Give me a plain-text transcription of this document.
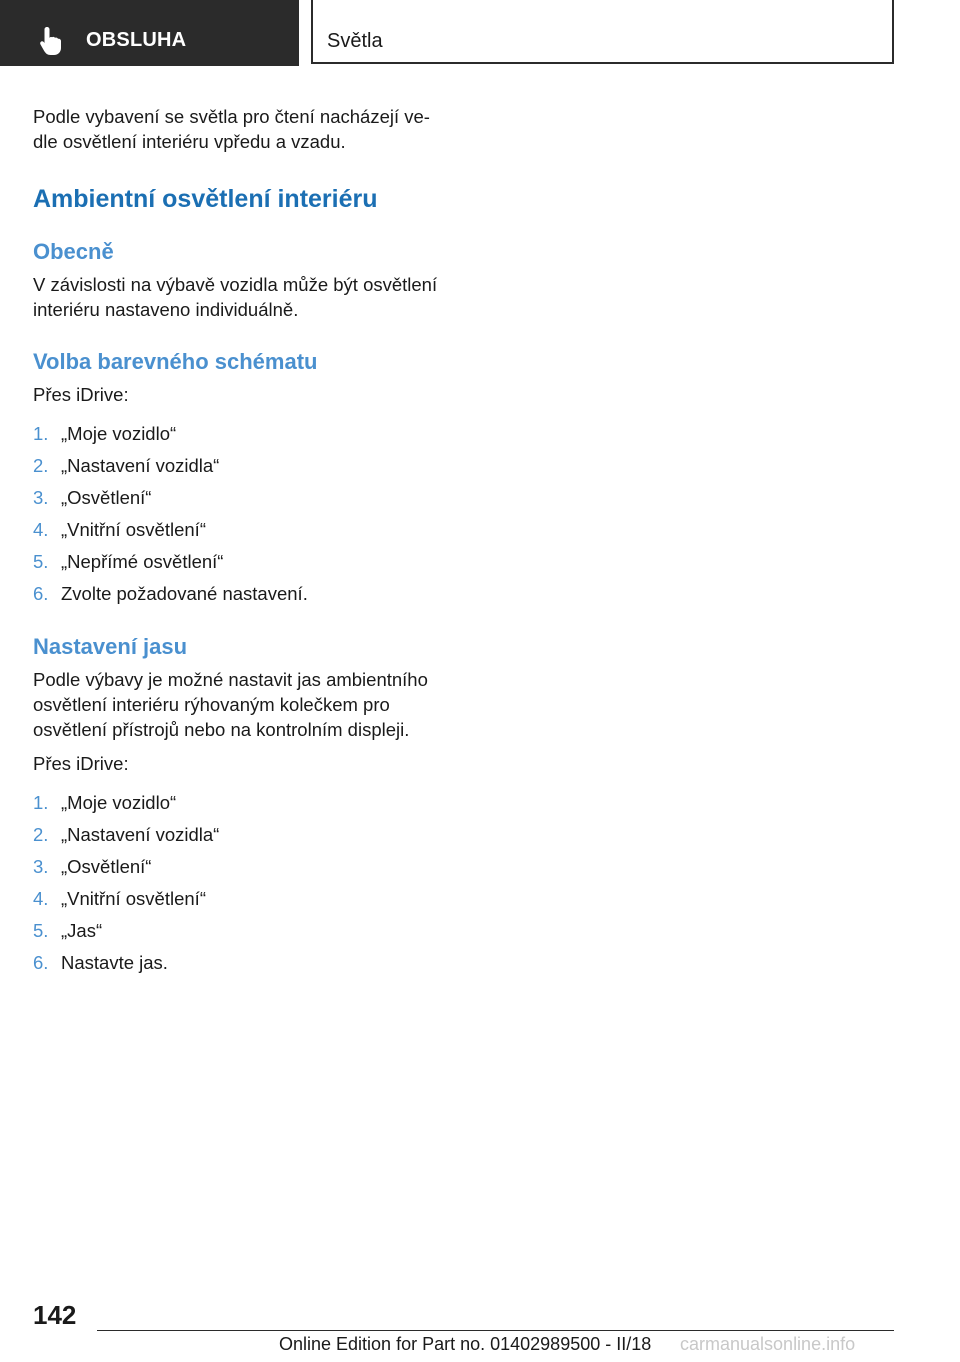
OBSLUHA	Světla

Podle vybavení se světla pro čtení nacházejí ve-

dle osvětlení interiéru vpředu a vzadu.

Ambientní osvětlení interiéru
Obecně

V závislosti na výbavě vozidla může být osvětlení

interiéru nastaveno individuálně.

Volba barevného schématu

Přes iDrive:

1. „Moje vozidlo“
2. „Nastavení vozidla“
3. „Osvětlení“
4. „Vnitřní osvětlení“
5. „Nepřímé osvětlení“
6. Zvolte požadované nastavení.
Nastavení jasu

Podle výbavy je možné nastavit jas ambientního

osvětlení interiéru rýhovaným kolečkem pro

osvětlení přístrojů nebo na kontrolním displeji.

Přes iDrive:

1. „Moje vozidlo“
2. „Nastavení vozidla“
3. „Osvětlení“
4. „Vnitřní osvětlení“
5. „Jas“
6. Nastavte jas.
142
Online Edition for Part no. 01402989500 - II/18 carmanualsonline.info
